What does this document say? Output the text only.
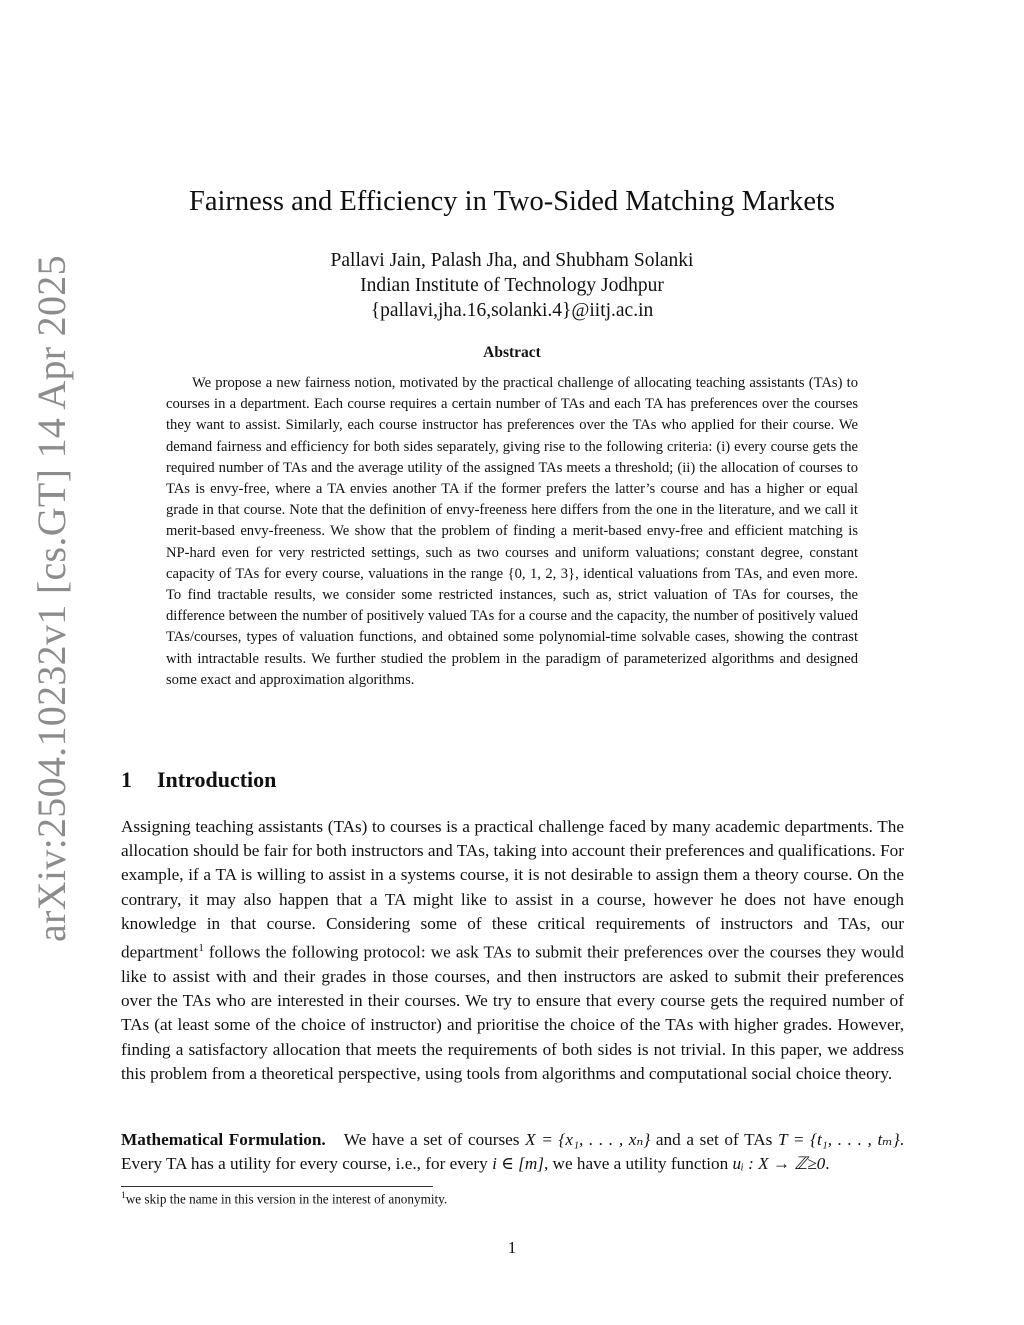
arXiv:2504.10232v1 [cs.GT] 14 Apr 2025
Fairness and Efficiency in Two-Sided Matching Markets
Pallavi Jain, Palash Jha, and Shubham Solanki
Indian Institute of Technology Jodhpur
{pallavi,jha.16,solanki.4}@iitj.ac.in
Abstract

We propose a new fairness notion, motivated by the practical challenge of allocating teaching assistants (TAs) to courses in a department. Each course requires a certain number of TAs and each TA has preferences over the courses they want to assist. Similarly, each course instructor has preferences over the TAs who applied for their course. We demand fairness and efficiency for both sides separately, giving rise to the following criteria: (i) every course gets the required number of TAs and the average utility of the assigned TAs meets a threshold; (ii) the allocation of courses to TAs is envy-free, where a TA envies another TA if the former prefers the latter’s course and has a higher or equal grade in that course. Note that the definition of envy-freeness here differs from the one in the literature, and we call it merit-based envy-freeness. We show that the problem of finding a merit-based envy-free and efficient matching is NP-hard even for very restricted settings, such as two courses and uniform valuations; constant degree, constant capacity of TAs for every course, valuations in the range {0, 1, 2, 3}, identical valuations from TAs, and even more. To find tractable results, we consider some restricted instances, such as, strict valuation of TAs for courses, the difference between the number of positively valued TAs for a course and the capacity, the number of positively valued TAs/courses, types of valuation functions, and obtained some polynomial-time solvable cases, showing the contrast with intractable results. We further studied the problem in the paradigm of parameterized algorithms and designed some exact and approximation algorithms.

1 Introduction

Assigning teaching assistants (TAs) to courses is a practical challenge faced by many academic departments. The allocation should be fair for both instructors and TAs, taking into account their preferences and qualifications. For example, if a TA is willing to assist in a systems course, it is not desirable to assign them a theory course. On the contrary, it may also happen that a TA might like to assist in a course, however he does not have enough knowledge in that course. Considering some of these critical requirements of instructors and TAs, our department$^1$ follows the following protocol: we ask TAs to submit their preferences over the courses they would like to assist with and their grades in those courses, and then instructors are asked to submit their preferences over the TAs who are interested in their courses. We try to ensure that every course gets the required number of TAs (at least some of the choice of instructor) and prioritise the choice of the TAs with higher grades. However, finding a satisfactory allocation that meets the requirements of both sides is not trivial. In this paper, we address this problem from a theoretical perspective, using tools from algorithms and computational social choice theory.

Mathematical Formulation. We have a set of courses X = {x₁, . . . , xₙ} and a set of TAs T = {t₁, . . . , tₘ}. Every TA has a utility for every course, i.e., for every i ∈ [m], we have a utility function uᵢ : X → ℤ≥0.

$^1$we skip the name in this version in the interest of anonymity.
1
